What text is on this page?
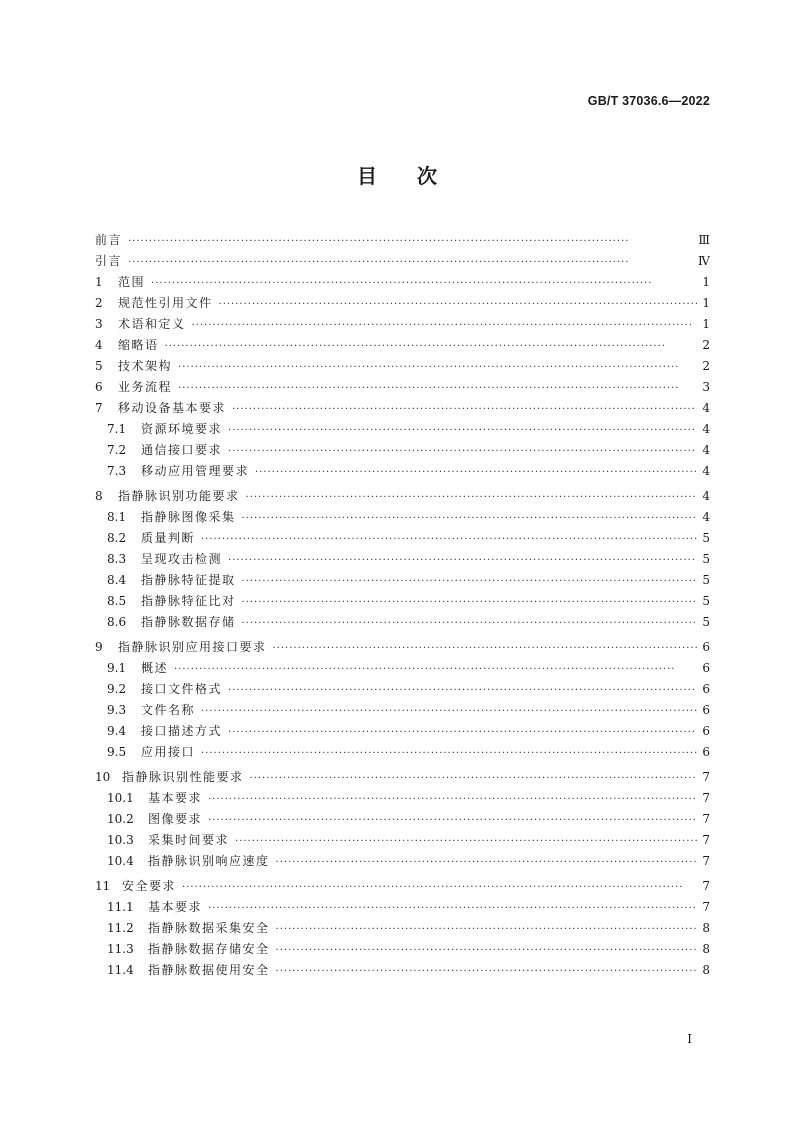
GB/T 37036.6—2022
目次
前言 ·····	Ⅲ
引言 ·····	Ⅳ
1	范围 ·····	1
2	规范性引用文件 ·····	1
3	术语和定义 ·····	1
4	缩略语 ·····	2
5	技术架构 ·····	2
6	业务流程 ·····	3
7	移动设备基本要求 ·····	4
7.1	资源环境要求 ·····	4
7.2	通信接口要求 ·····	4
7.3	移动应用管理要求 ·····	4
8	指静脉识别功能要求 ·····	4
8.1	指静脉图像采集 ·····	4
8.2	质量判断 ·····	5
8.3	呈现攻击检测 ·····	5
8.4	指静脉特征提取 ·····	5
8.5	指静脉特征比对 ·····	5
8.6	指静脉数据存储 ·····	5
9	指静脉识别应用接口要求 ·····	6
9.1	概述 ·····	6
9.2	接口文件格式 ·····	6
9.3	文件名称 ·····	6
9.4	接口描述方式 ·····	6
9.5	应用接口 ·····	6
10 指静脉识别性能要求 ·····	7
10.1	基本要求 ·····	7
10.2	图像要求 ·····	7
10.3	采集时间要求 ·····	7
10.4	指静脉识别响应速度 ·····	7
11 安全要求 ·····	7
11.1	基本要求 ·····	7
11.2	指静脉数据采集安全 ·····	8
11.3	指静脉数据存储安全 ·····	8
11.4	指静脉数据使用安全 ·····	8
I
